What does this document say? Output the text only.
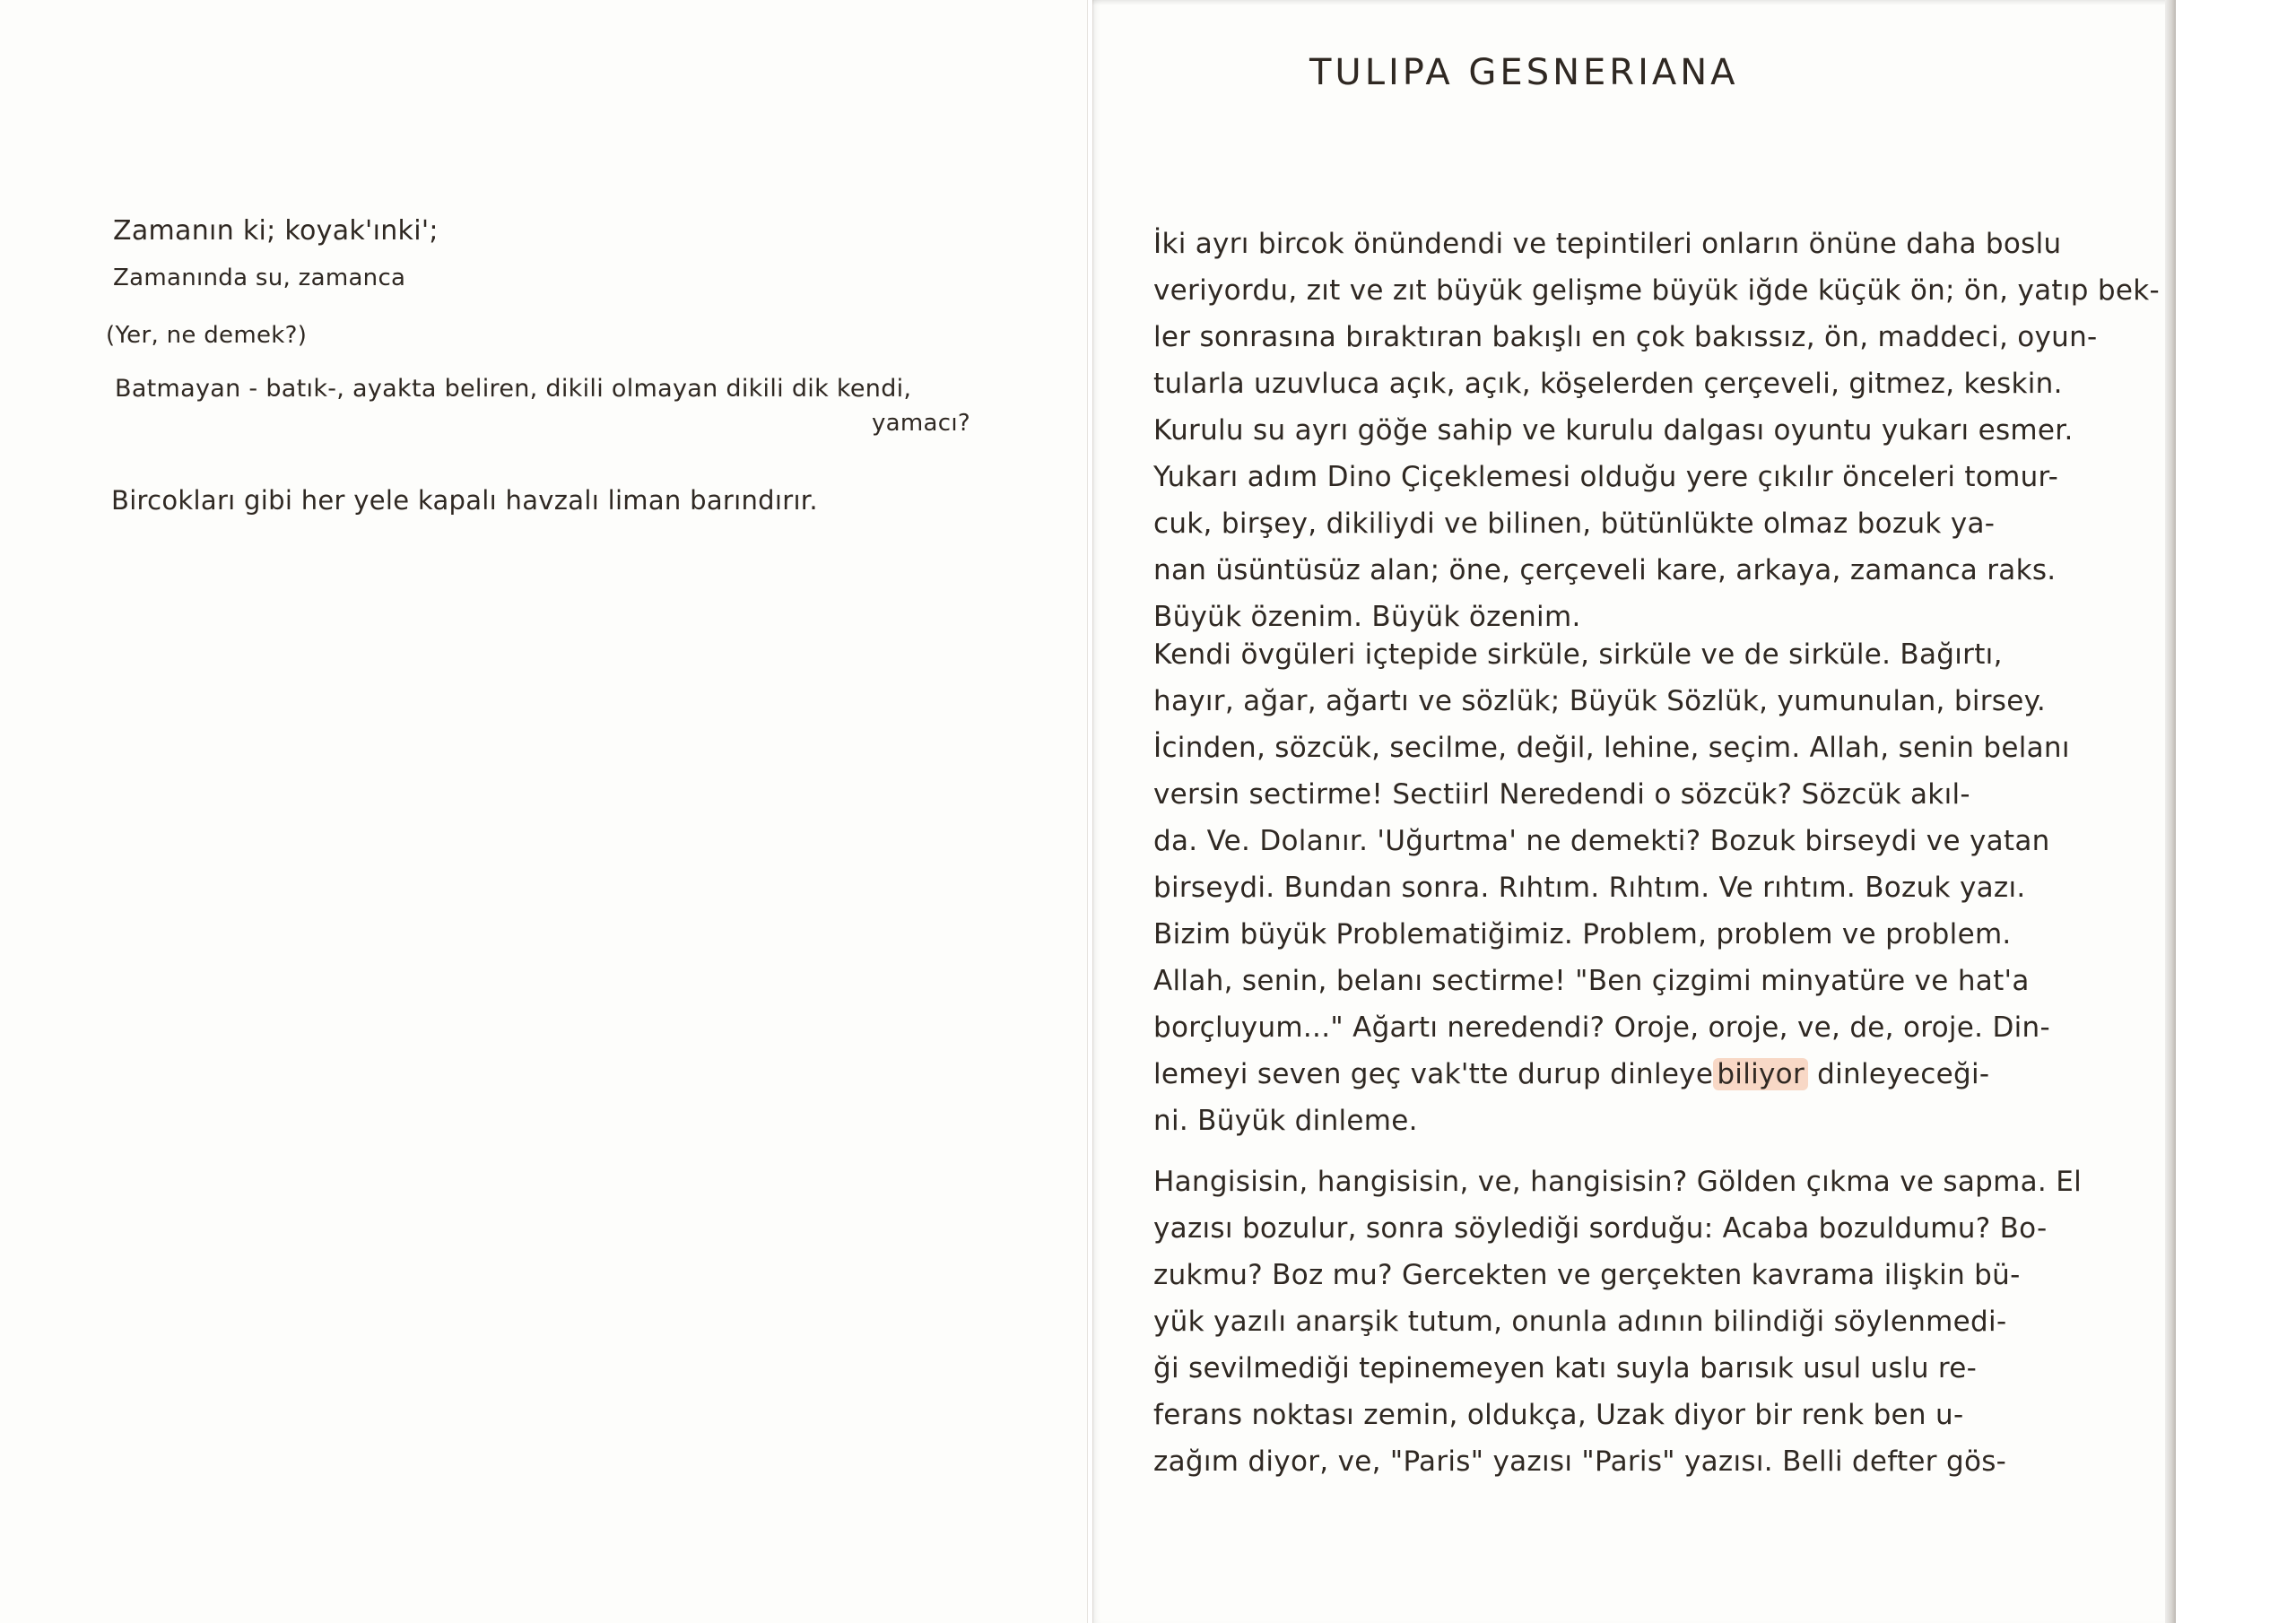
Zamanın ki; koyak'ınki';
Zamanında su, zamanca
(Yer, ne demek?)
Batmayan - batık-, ayakta beliren, dikili olmayan dikili dik kendi,
yamacı?
Bircokları gibi her yele kapalı havzalı liman barındırır.
TULIPA GESNERIANA
İki ayrı bircok önündendi ve tepintileri onların önüne daha boslu
veriyordu, zıt ve zıt büyük gelişme büyük iğde küçük ön; ön, yatıp bek-
ler sonrasına bıraktıran bakışlı en çok bakıssız, ön, maddeci, oyun-
tularla uzuvluca açık, açık, köşelerden çerçeveli, gitmez, keskin.
Kurulu su ayrı göğe sahip ve kurulu dalgası oyuntu yukarı esmer.
Yukarı adım Dino Çiçeklemesi olduğu yere çıkılır önceleri tomur-
cuk, birşey, dikiliydi ve bilinen, bütünlükte olmaz bozuk ya-
nan üsüntüsüz alan; öne, çerçeveli kare, arkaya, zamanca raks.
Büyük özenim. Büyük özenim.
Kendi övgüleri içtepide sirküle, sirküle ve de sirküle. Bağırtı,
hayır, ağar, ağartı ve sözlük; Büyük Sözlük, yumunulan, birsey.
İcinden, sözcük, secilme, değil, lehine, seçim. Allah, senin belanı
versin sectirme! Sectiirl Neredendi o sözcük? Sözcük akıl-
da. Ve. Dolanır. 'Uğurtma' ne demekti? Bozuk birseydi ve yatan
birseydi. Bundan sonra. Rıhtım. Rıhtım. Ve rıhtım. Bozuk yazı.
Bizim büyük Problematiğimiz. Problem, problem ve problem.
Allah, senin, belanı sectirme! "Ben çizgimi minyatüre ve hat'a
borçluyum..." Ağartı neredendi? Oroje, oroje, ve, de, oroje. Din-
lemeyi seven geç vak'tte durup dinleye biliyor dinleyeceği-
ni. Büyük dinleme.
Hangisisin, hangisisin, ve, hangisisin? Gölden çıkma ve sapma. El
yazısı bozulur, sonra söylediği sorduğu: Acaba bozuldumu? Bo-
zukmu? Boz mu? Gercekten ve gerçekten kavrama ilişkin bü-
yük yazılı anarşik tutum, onunla adının bilindiği söylenmedi-
ği sevilmediği tepinemeyen katı suyla barısık usul uslu re-
ferans noktası zemin, oldukça, Uzak diyor bir renk ben u-
zağım diyor, ve, "Paris" yazısı "Paris" yazısı. Belli defter gös-
